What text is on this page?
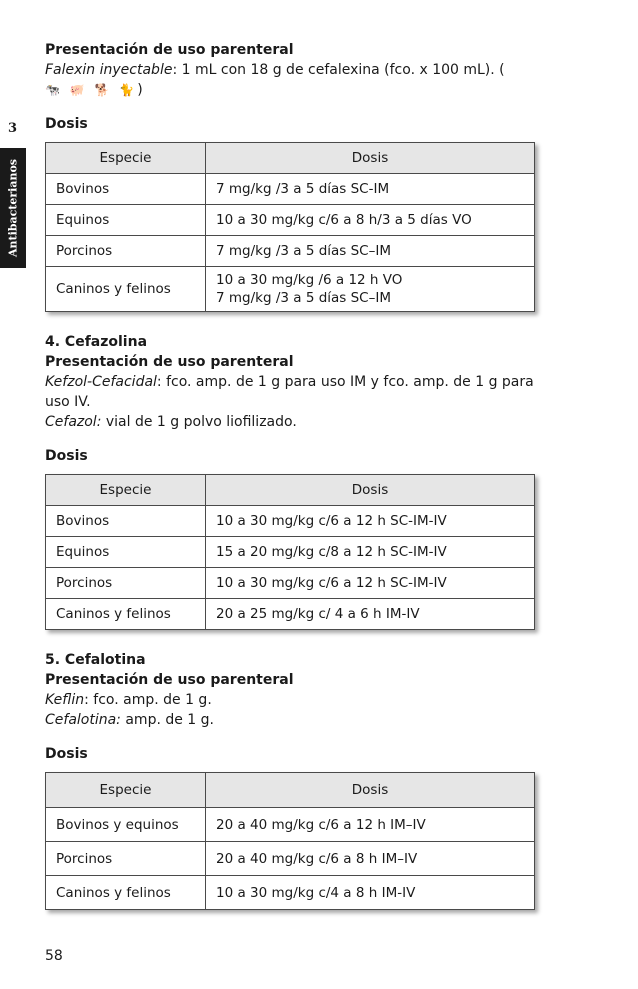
3
Antibacterianos

Presentación de uso parenteral

Falexin inyectable: 1 mL con 18 g de cefalexina (fco. x 100 mL). (

🐄 🐖 🐕 🐈)

Dosis

Especie	Dosis
Bovinos	7 mg/kg /3 a 5 días SC-IM
Equinos	10 a 30 mg/kg c/6 a 8 h/3 a 5 días VO
Porcinos	7 mg/kg /3 a 5 días SC–IM
Caninos y felinos	10 a 30 mg/kg /6 a 12 h VO
7 mg/kg /3 a 5 días SC–IM

4. Cefazolina

Presentación de uso parenteral

Kefzol-Cefacidal: fco. amp. de 1 g para uso IM y fco. amp. de 1 g para

uso IV.

Cefazol: vial de 1 g polvo liofilizado.

Dosis

Especie	Dosis
Bovinos	10 a 30 mg/kg c/6 a 12 h SC-IM-IV
Equinos	15 a 20 mg/kg c/8 a 12 h SC-IM-IV
Porcinos	10 a 30 mg/kg c/6 a 12 h SC-IM-IV
Caninos y felinos	20 a 25 mg/kg c/ 4 a 6 h IM-IV

5. Cefalotina

Presentación de uso parenteral

Keflin: fco. amp. de 1 g.

Cefalotina: amp. de 1 g.

Dosis

Especie	Dosis
Bovinos y equinos	20 a 40 mg/kg c/6 a 12 h IM–IV
Porcinos	20 a 40 mg/kg c/6 a 8 h IM–IV
Caninos y felinos	10 a 30 mg/kg c/4 a 8 h IM-IV
58
